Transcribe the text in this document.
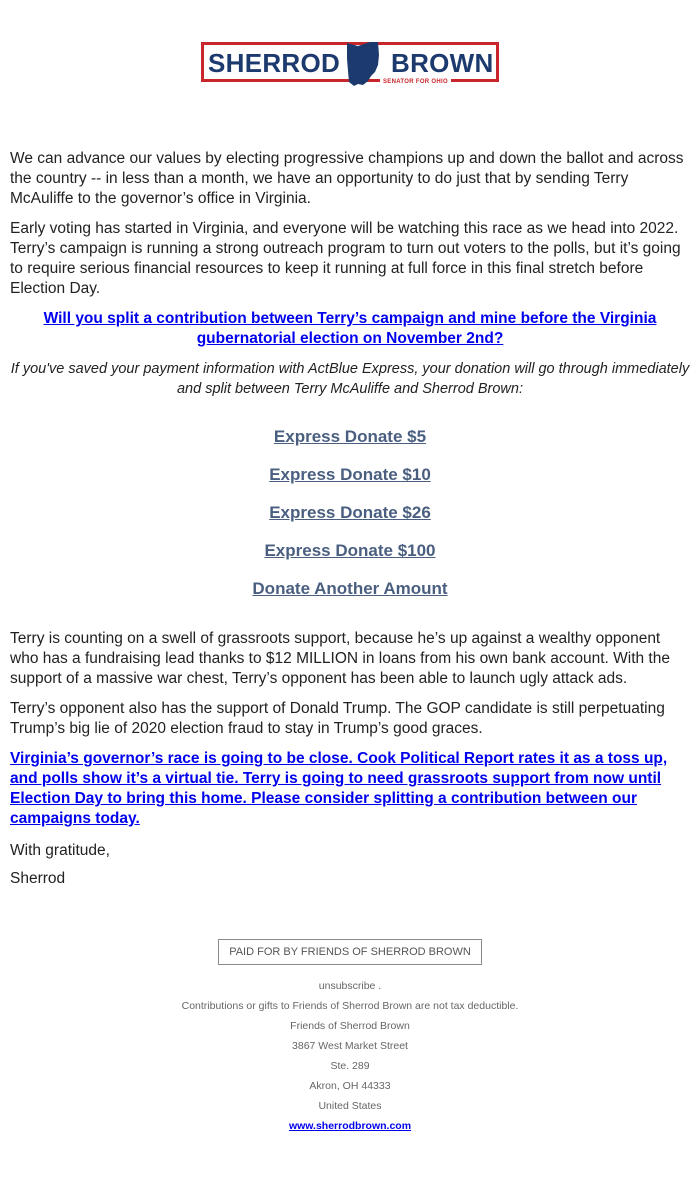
SHERROD BROWN
SENATOR FOR OHIO

We can advance our values by electing progressive champions up and down the ballot and across the country -- in less than a month, we have an opportunity to do just that by sending Terry McAuliffe to the governor’s office in Virginia.

Early voting has started in Virginia, and everyone will be watching this race as we head into 2022. Terry’s campaign is running a strong outreach program to turn out voters to the polls, but it’s going to require serious financial resources to keep it running at full force in this final stretch before Election Day.

Will you split a contribution between Terry’s campaign and mine before the Virginia gubernatorial election on November 2nd?
If you've saved your payment information with ActBlue Express, your donation will go through immediately and split between Terry McAuliffe and Sherrod Brown:
Express Donate $5
Express Donate $10
Express Donate $26
Express Donate $100
Donate Another Amount

Terry is counting on a swell of grassroots support, because he’s up against a wealthy opponent who has a fundraising lead thanks to $12 MILLION in loans from his own bank account. With the support of a massive war chest, Terry’s opponent has been able to launch ugly attack ads.

Terry’s opponent also has the support of Donald Trump. The GOP candidate is still perpetuating Trump’s big lie of 2020 election fraud to stay in Trump’s good graces.

Virginia’s governor’s race is going to be close. Cook Political Report rates it as a toss up, and polls show it’s a virtual tie. Terry is going to need grassroots support from now until Election Day to bring this home. Please consider splitting a contribution between our campaigns today.

With gratitude,

Sherrod

PAID FOR BY FRIENDS OF SHERROD BROWN
unsubscribe .
Contributions or gifts to Friends of Sherrod Brown are not tax deductible.
Friends of Sherrod Brown
3867 West Market Street
Ste. 289
Akron, OH 44333
United States
www.sherrodbrown.com
